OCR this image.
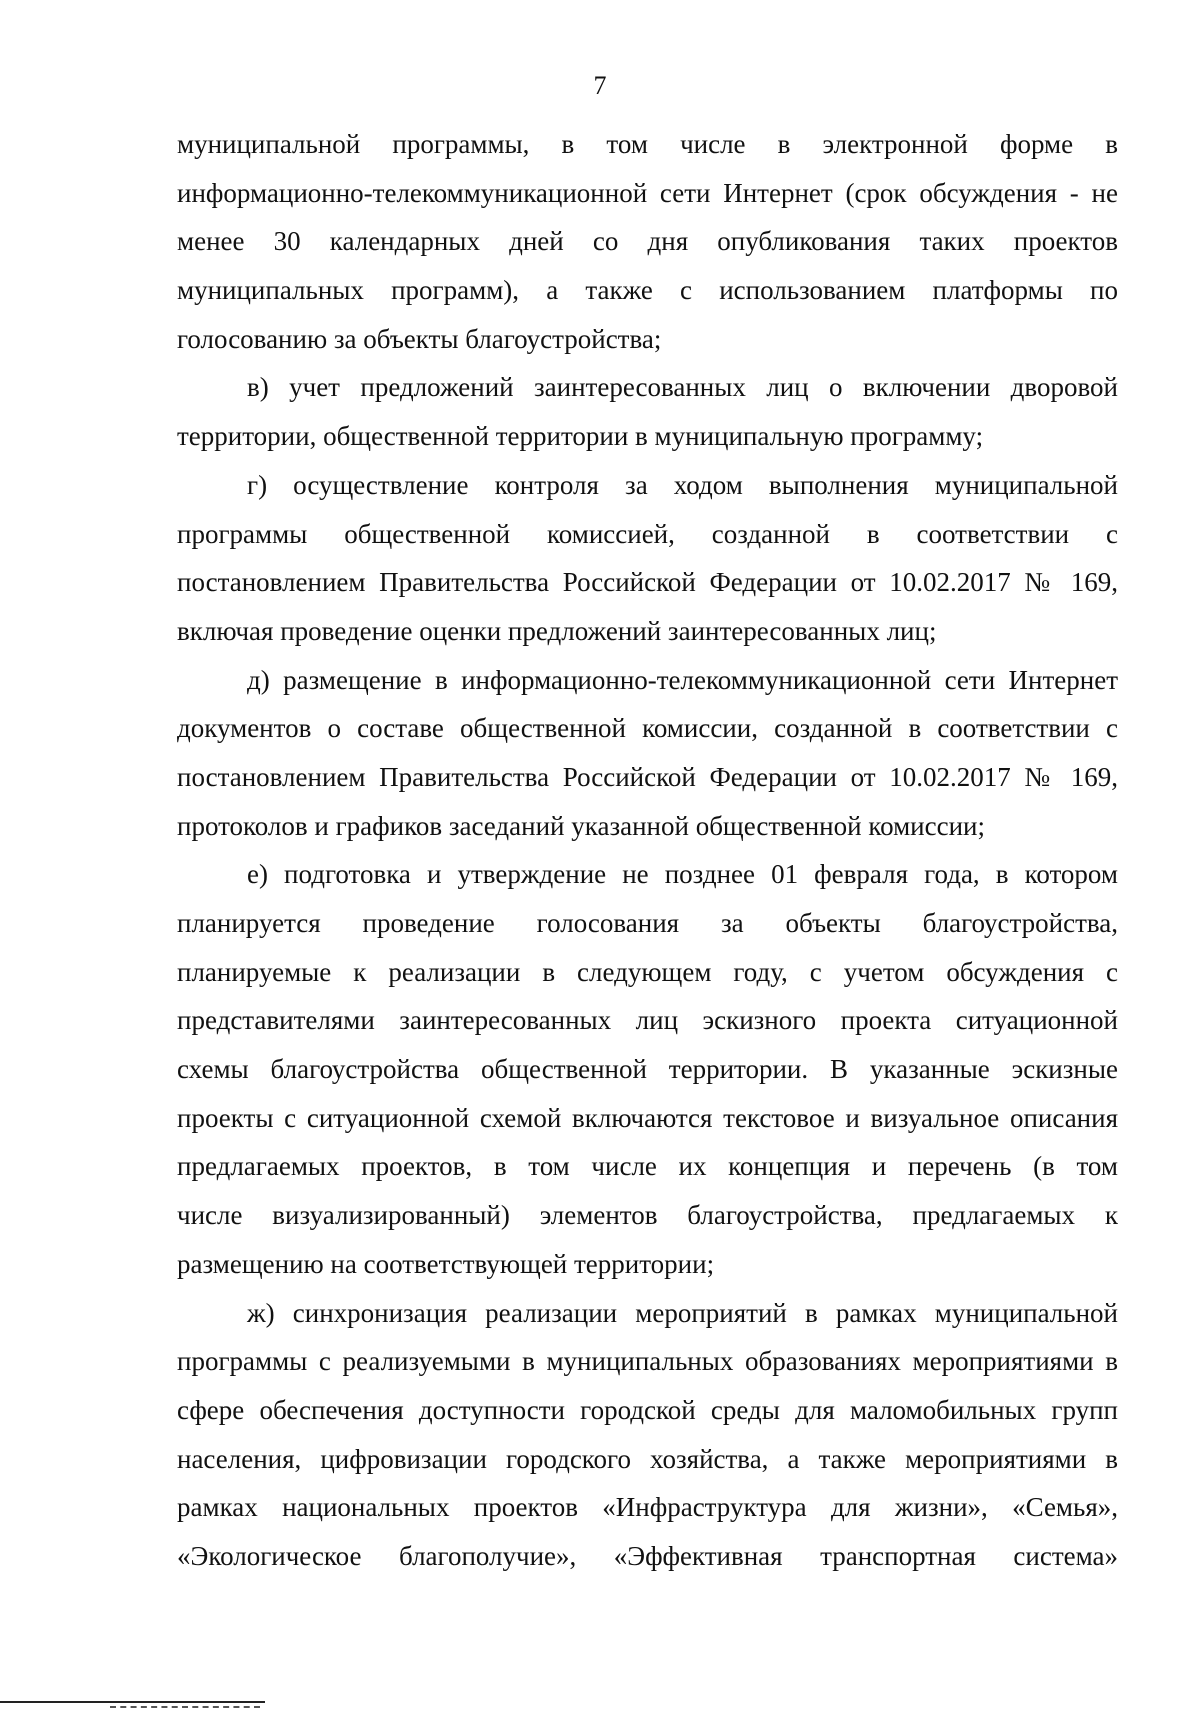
7
муниципальной программы, в том числе в электронной форме в
информационно-телекоммуникационной сети Интернет (срок обсуждения - не
менее 30 календарных дней со дня опубликования таких проектов
муниципальных программ), а также с использованием платформы по
голосованию за объекты благоустройства;
в) учет предложений заинтересованных лиц о включении дворовой
территории, общественной территории в муниципальную программу;
г) осуществление контроля за ходом выполнения муниципальной
программы общественной комиссией, созданной в соответствии с
постановлением Правительства Российской Федерации от 10.02.2017 № 169,
включая проведение оценки предложений заинтересованных лиц;
д) размещение в информационно-телекоммуникационной сети Интернет
документов о составе общественной комиссии, созданной в соответствии с
постановлением Правительства Российской Федерации от 10.02.2017 № 169,
протоколов и графиков заседаний указанной общественной комиссии;
е) подготовка и утверждение не позднее 01 февраля года, в котором
планируется проведение голосования за объекты благоустройства,
планируемые к реализации в следующем году, с учетом обсуждения с
представителями заинтересованных лиц эскизного проекта ситуационной
схемы благоустройства общественной территории. В указанные эскизные
проекты с ситуационной схемой включаются текстовое и визуальное описания
предлагаемых проектов, в том числе их концепция и перечень (в том
числе визуализированный) элементов благоустройства, предлагаемых к
размещению на соответствующей территории;
ж) синхронизация реализации мероприятий в рамках муниципальной
программы с реализуемыми в муниципальных образованиях мероприятиями в
сфере обеспечения доступности городской среды для маломобильных групп
населения, цифровизации городского хозяйства, а также мероприятиями в
рамках национальных проектов «Инфраструктура для жизни», «Семья»,
«Экологическое благополучие», «Эффективная транспортная система»
